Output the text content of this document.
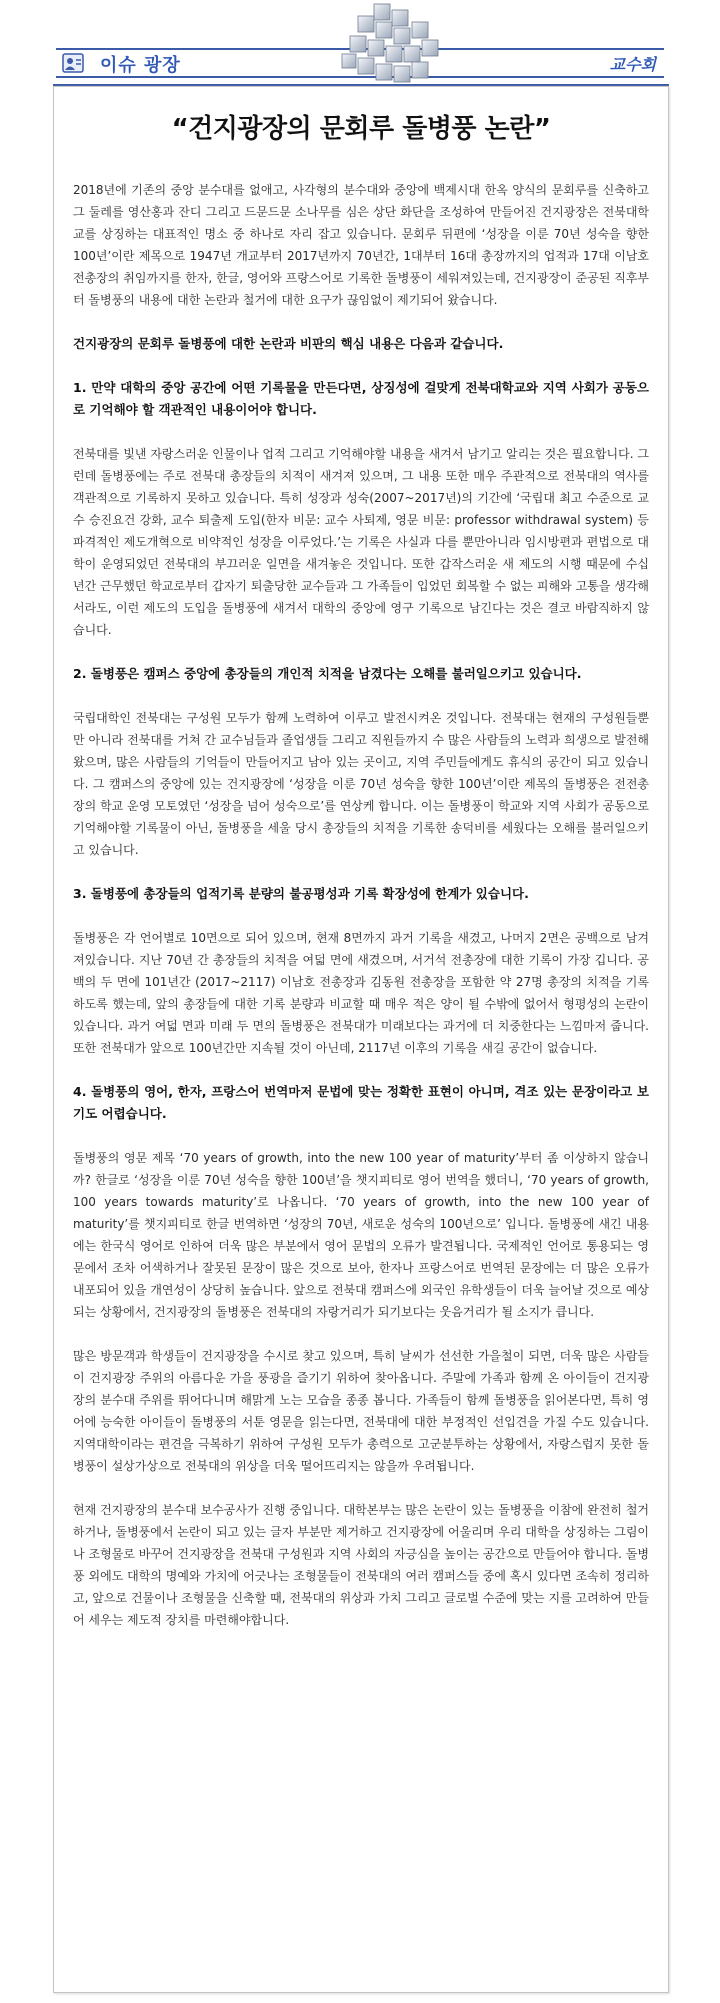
이슈 광장	교수회
“건지광장의 문회루 돌병풍 논란”

2018년에 기존의 중앙 분수대를 없애고, 사각형의 분수대와 중앙에 백제시대 한옥 양식의 문회루를 신축하고 그 둘레를 영산홍과 잔디 그리고 드문드문 소나무를 심은 상단 화단을 조성하여 만들어진 건지광장은 전북대학교를 상징하는 대표적인 명소 중 하나로 자리 잡고 있습니다. 문회루 뒤편에 ‘성장을 이룬 70년 성숙을 향한 100년’이란 제목으로 1947년 개교부터 2017년까지 70년간, 1대부터 16대 총장까지의 업적과 17대 이남호 전총장의 취임까지를 한자, 한글, 영어와 프랑스어로 기록한 돌병풍이 세워져있는데, 건지광장이 준공된 직후부터 돌병풍의 내용에 대한 논란과 철거에 대한 요구가 끊임없이 제기되어 왔습니다.

건지광장의 문회루 돌병풍에 대한 논란과 비판의 핵심 내용은 다음과 같습니다.

1. 만약 대학의 중앙 공간에 어떤 기록물을 만든다면, 상징성에 걸맞게 전북대학교와 지역 사회가 공동으로 기억해야 할 객관적인 내용이어야 합니다.

전북대를 빛낸 자랑스러운 인물이나 업적 그리고 기억해야할 내용을 새겨서 남기고 알리는 것은 필요합니다. 그런데 돌병풍에는 주로 전북대 총장들의 치적이 새겨져 있으며, 그 내용 또한 매우 주관적으로 전북대의 역사를 객관적으로 기록하지 못하고 있습니다. 특히 성장과 성숙(2007~2017년)의 기간에 ‘국립대 최고 수준으로 교수 승진요건 강화, 교수 퇴출제 도입(한자 비문: 교수 사퇴제, 영문 비문: professor withdrawal system) 등 파격적인 제도개혁으로 비약적인 성장을 이루었다.’는 기록은 사실과 다를 뿐만아니라 임시방편과 편법으로 대학이 운영되었던 전북대의 부끄러운 일면을 새겨놓은 것입니다. 또한 갑작스러운 새 제도의 시행 때문에 수십 년간 근무했던 학교로부터 갑자기 퇴출당한 교수들과 그 가족들이 입었던 회복할 수 없는 피해와 고통을 생각해서라도, 이런 제도의 도입을 돌병풍에 새겨서 대학의 중앙에 영구 기록으로 남긴다는 것은 결코 바람직하지 않습니다.

2. 돌병풍은 캠퍼스 중앙에 총장들의 개인적 치적을 남겼다는 오해를 불러일으키고 있습니다.

국립대학인 전북대는 구성원 모두가 함께 노력하여 이루고 발전시켜온 것입니다. 전북대는 현재의 구성원들뿐만 아니라 전북대를 거쳐 간 교수님들과 졸업생들 그리고 직원들까지 수 많은 사람들의 노력과 희생으로 발전해 왔으며, 많은 사람들의 기억들이 만들어지고 남아 있는 곳이고, 지역 주민들에게도 휴식의 공간이 되고 있습니다. 그 캠퍼스의 중앙에 있는 건지광장에 ‘성장을 이룬 70년 성숙을 향한 100년’이란 제목의 돌병풍은 전전총장의 학교 운영 모토였던 ‘성장을 넘어 성숙으로’를 연상케 합니다. 이는 돌병풍이 학교와 지역 사회가 공동으로 기억해야할 기록물이 아닌, 돌병풍을 세울 당시 총장들의 치적을 기록한 송덕비를 세웠다는 오해를 불러일으키고 있습니다.

3. 돌병풍에 총장들의 업적기록 분량의 불공평성과 기록 확장성에 한계가 있습니다.

돌병풍은 각 언어별로 10면으로 되어 있으며, 현재 8면까지 과거 기록을 새겼고, 나머지 2면은 공백으로 남겨져있습니다. 지난 70년 간 총장들의 치적을 여덟 면에 새겼으며, 서거석 전총장에 대한 기록이 가장 깁니다. 공백의 두 면에 101년간 (2017~2117) 이남호 전총장과 김동원 전총장을 포함한 약 27명 총장의 치적을 기록하도록 했는데, 앞의 총장들에 대한 기록 분량과 비교할 때 매우 적은 양이 될 수밖에 없어서 형평성의 논란이 있습니다. 과거 여덟 면과 미래 두 면의 돌병풍은 전북대가 미래보다는 과거에 더 치중한다는 느낌마저 줍니다. 또한 전북대가 앞으로 100년간만 지속될 것이 아닌데, 2117년 이후의 기록을 새길 공간이 없습니다.

4. 돌병풍의 영어, 한자, 프랑스어 번역마저 문법에 맞는 정확한 표현이 아니며, 격조 있는 문장이라고 보기도 어렵습니다.

돌병풍의 영문 제목 ‘70 years of growth, into the new 100 year of maturity’부터 좀 이상하지 않습니까? 한글로 ‘성장을 이룬 70년 성숙을 향한 100년’을 챗지피티로 영어 번역을 했더니, ‘70 years of growth, 100 years towards maturity’로 나옵니다. ‘70 years of growth, into the new 100 year of maturity’를 챗지피티로 한글 번역하면 ‘성장의 70년, 새로운 성숙의 100년으로’ 입니다. 돌병풍에 새긴 내용에는 한국식 영어로 인하여 더욱 많은 부분에서 영어 문법의 오류가 발견됩니다. 국제적인 언어로 통용되는 영문에서 조차 어색하거나 잘못된 문장이 많은 것으로 보아, 한자나 프랑스어로 번역된 문장에는 더 많은 오류가 내포되어 있을 개연성이 상당히 높습니다. 앞으로 전북대 캠퍼스에 외국인 유학생들이 더욱 늘어날 것으로 예상되는 상황에서, 건지광장의 돌병풍은 전북대의 자랑거리가 되기보다는 웃음거리가 될 소지가 큽니다.

많은 방문객과 학생들이 건지광장을 수시로 찾고 있으며, 특히 날씨가 선선한 가을철이 되면, 더욱 많은 사람들이 건지광장 주위의 아름다운 가을 풍광을 즐기기 위하여 찾아옵니다. 주말에 가족과 함께 온 아이들이 건지광장의 분수대 주위를 뛰어다니며 해맑게 노는 모습을 종종 봅니다. 가족들이 함께 돌병풍을 읽어본다면, 특히 영어에 능숙한 아이들이 돌병풍의 서툰 영문을 읽는다면, 전북대에 대한 부정적인 선입견을 가질 수도 있습니다. 지역대학이라는 편견을 극복하기 위하여 구성원 모두가 총력으로 고군분투하는 상황에서, 자랑스럽지 못한 돌병풍이 설상가상으로 전북대의 위상을 더욱 떨어뜨리지는 않을까 우려됩니다.

현재 건지광장의 분수대 보수공사가 진행 중입니다. 대학본부는 많은 논란이 있는 돌병풍을 이참에 완전히 철거하거나, 돌병풍에서 논란이 되고 있는 글자 부분만 제거하고 건지광장에 어울리며 우리 대학을 상징하는 그림이나 조형물로 바꾸어 건지광장을 전북대 구성원과 지역 사회의 자긍심을 높이는 공간으로 만들어야 합니다. 돌병풍 외에도 대학의 명예와 가치에 어긋나는 조형물들이 전북대의 여러 캠퍼스들 중에 혹시 있다면 조속히 정리하고, 앞으로 건물이나 조형물을 신축할 때, 전북대의 위상과 가치 그리고 글로벌 수준에 맞는 지를 고려하여 만들어 세우는 제도적 장치를 마련해야합니다.
